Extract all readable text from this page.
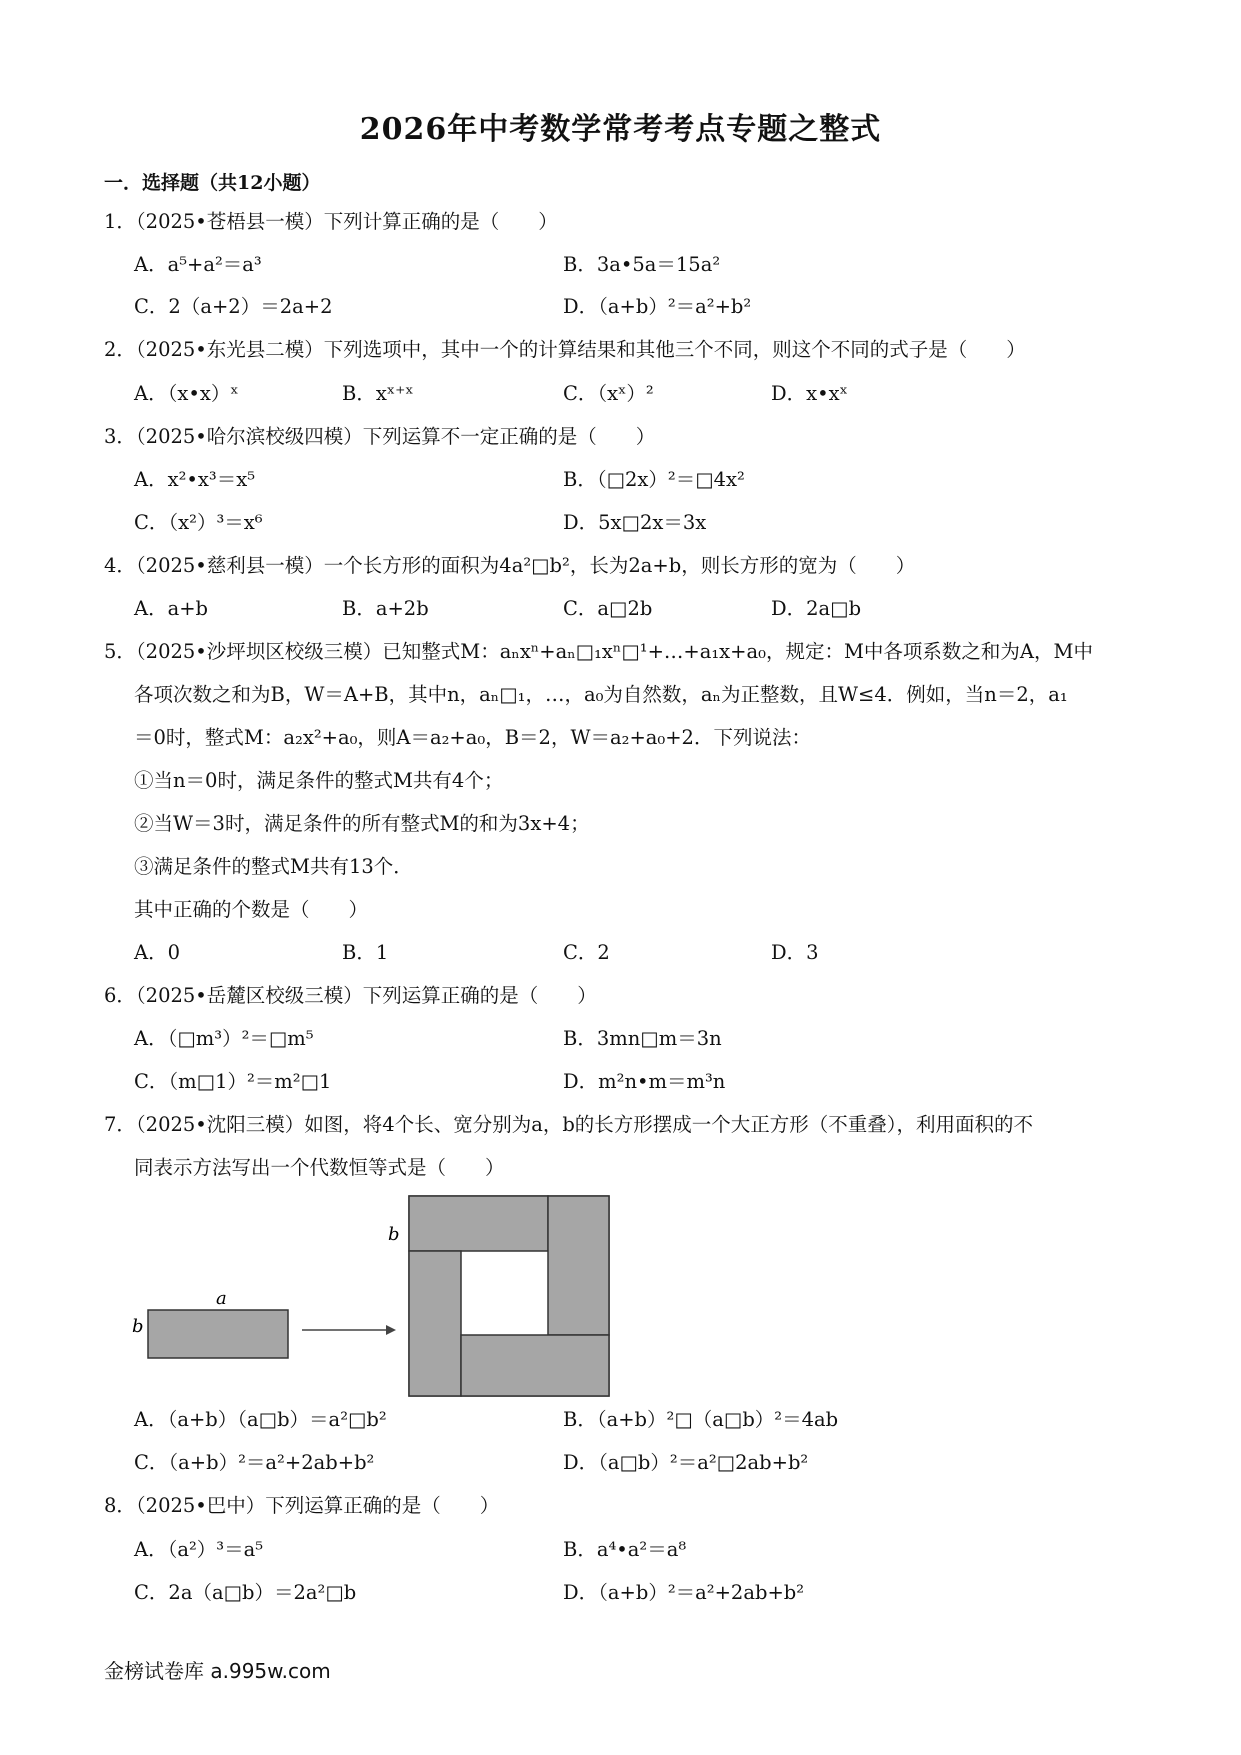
2026年中考数学常考考点专题之整式
一．选择题（共12小题）
1．（2025•苍梧县一模）下列计算正确的是（　　）
A．a⁵+a²＝a³	B．3a•5a＝15a²
C．2（a+2）＝2a+2	D．（a+b）²＝a²+b²
2．（2025•东光县二模）下列选项中，其中一个的计算结果和其他三个不同，则这个不同的式子是（　　）
A．（x•x）ˣ	B．xˣ⁺ˣ	C．（xˣ）²	D．x•xˣ
3．（2025•哈尔滨校级四模）下列运算不一定正确的是（　　）
A．x²•x³＝x⁵	B．（□2x）²＝□4x²
C．（x²）³＝x⁶	D．5x□2x＝3x
4．（2025•慈利县一模）一个长方形的面积为4a²□b²，长为2a+b，则长方形的宽为（　　）
A．a+b	B．a+2b	C．a□2b	D．2a□b
5．（2025•沙坪坝区校级三模）已知整式M：aₙxⁿ+aₙ□₁xⁿ□¹+…+a₁x+a₀，规定：M中各项系数之和为A，M中
各项次数之和为B，W＝A+B，其中n，aₙ□₁，…，a₀为自然数，aₙ为正整数，且W≤4．例如，当n＝2，a₁
＝0时，整式M：a₂x²+a₀，则A＝a₂+a₀，B＝2，W＝a₂+a₀+2．下列说法：
①当n＝0时，满足条件的整式M共有4个；
②当W＝3时，满足条件的所有整式M的和为3x+4；
③满足条件的整式M共有13个．
其中正确的个数是（　　）
A．0	B．1	C．2	D．3
6．（2025•岳麓区校级三模）下列运算正确的是（　　）
A．（□m³）²＝□m⁵	B．3mn□m＝3n
C．（m□1）²＝m²□1	D．m²n•m＝m³n
7．（2025•沈阳三模）如图，将4个长、宽分别为a，b的长方形摆成一个大正方形（不重叠），利用面积的不
同表示方法写出一个代数恒等式是（　　）
a
b
b
A．（a+b）（a□b）＝a²□b²	B．（a+b）²□（a□b）²＝4ab
C．（a+b）²＝a²+2ab+b²	D．（a□b）²＝a²□2ab+b²
8．（2025•巴中）下列运算正确的是（　　）
A．（a²）³＝a⁵	B．a⁴•a²＝a⁸
C．2a（a□b）＝2a²□b	D．（a+b）²＝a²+2ab+b²
金榜试卷库 a.995w.com
